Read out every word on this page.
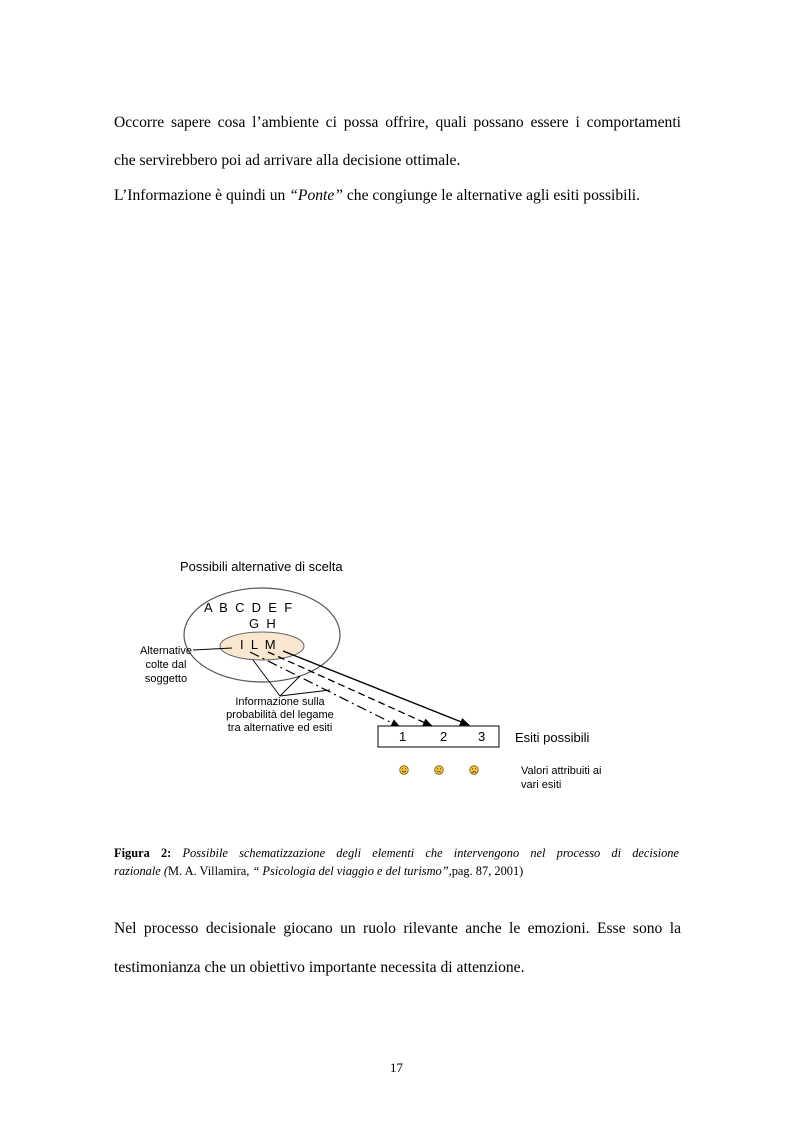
Occorre sapere cosa l’ambiente ci possa offrire, quali possano essere i comportamenti
che servirebbero poi ad arrivare alla decisione ottimale.
L’Informazione è quindi un “Ponte” che congiunge le alternative agli esiti possibili.
Possibili alternative di scelta
A  B  C  D  E  F
G  H
I  L  M
Alternative
colte dal
soggetto
Informazione sulla
probabilità del legame
tra alternative ed esiti
1	2 3 Esiti possibili
Valori attribuiti ai
vari esiti
Figura 2: Possibile schematizzazione degli elementi che intervengono nel processo di decisione
razionale (M. A. Villamira, “ Psicologia del viaggio e del turismo”,pag. 87, 2001)
Nel processo decisionale giocano un ruolo rilevante anche le emozioni. Esse sono la
testimonianza che un obiettivo importante necessita di attenzione.
17
